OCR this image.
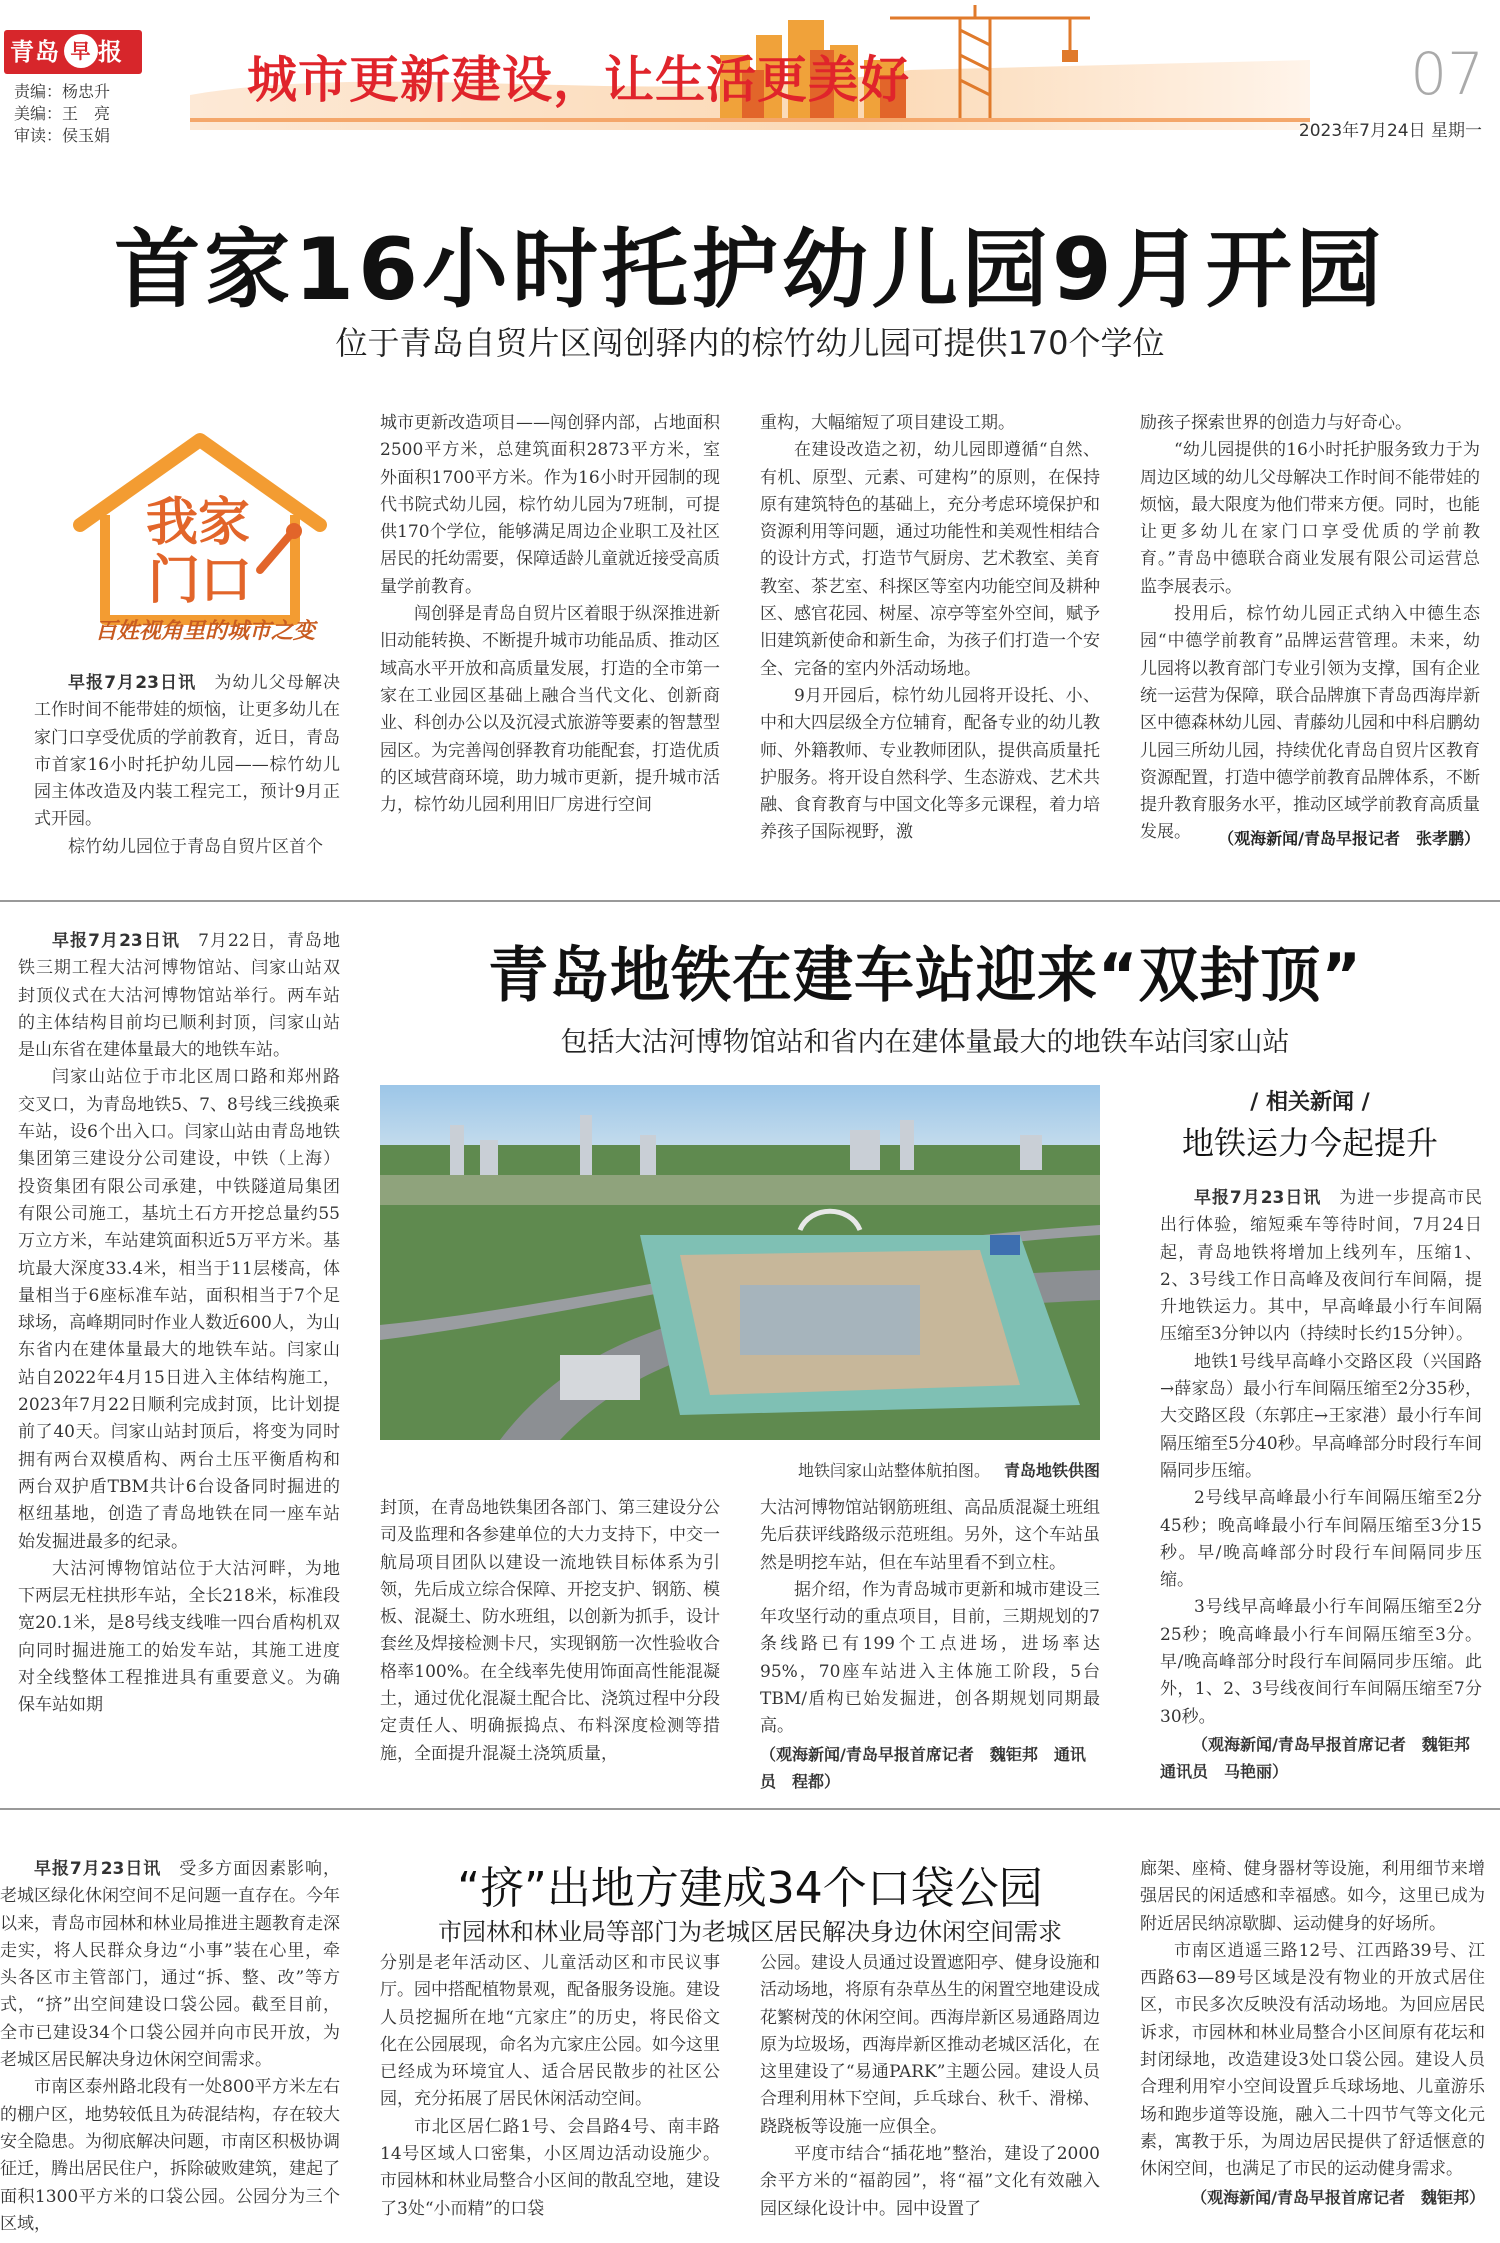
青岛 早 报
责编：杨忠升
美编：王　亮
审读：侯玉娟
城市更新建设，让生活更美好	07
2023年7月24日 星期一
首家16小时托护幼儿园9月开园
位于青岛自贸片区闯创驿内的棕竹幼儿园可提供170个学位
我家
门口
百姓视角里的城市之变

早报7月23日讯　 为幼儿父母解决工作时间不能带娃的烦恼，让更多幼儿在家门口享受优质的学前教育，近日，青岛市首家16小时托护幼儿园——棕竹幼儿园主体改造及内装工程完工，预计9月正式开园。

棕竹幼儿园位于青岛自贸片区首个

城市更新改造项目——闯创驿内部，占地面积2500平方米，总建筑面积2873平方米，室外面积1700平方米。作为16小时开园制的现代书院式幼儿园，棕竹幼儿园为7班制，可提供170个学位，能够满足周边企业职工及社区居民的托幼需要，保障适龄儿童就近接受高质量学前教育。

闯创驿是青岛自贸片区着眼于纵深推进新旧动能转换、不断提升城市功能品质、推动区域高水平开放和高质量发展，打造的全市第一家在工业园区基础上融合当代文化、创新商业、科创办公以及沉浸式旅游等要素的智慧型园区。为完善闯创驿教育功能配套，打造优质的区域营商环境，助力城市更新，提升城市活力，棕竹幼儿园利用旧厂房进行空间

重构，大幅缩短了项目建设工期。

在建设改造之初，幼儿园即遵循“自然、有机、原型、元素、可建构”的原则，在保持原有建筑特色的基础上，充分考虑环境保护和资源利用等问题，通过功能性和美观性相结合的设计方式，打造节气厨房、艺术教室、美育教室、茶艺室、科探区等室内功能空间及耕种区、感官花园、树屋、凉亭等室外空间，赋予旧建筑新使命和新生命，为孩子们打造一个安全、完备的室内外活动场地。

9月开园后，棕竹幼儿园将开设托、小、中和大四层级全方位辅育，配备专业的幼儿教师、外籍教师、专业教师团队，提供高质量托护服务。将开设自然科学、生态游戏、艺术共融、食育教育与中国文化等多元课程，着力培养孩子国际视野，激

励孩子探索世界的创造力与好奇心。

“幼儿园提供的16小时托护服务致力于为周边区域的幼儿父母解决工作时间不能带娃的烦恼，最大限度为他们带来方便。同时，也能让更多幼儿在家门口享受优质的学前教育。”青岛中德联合商业发展有限公司运营总监李展表示。

投用后，棕竹幼儿园正式纳入中德生态园“中德学前教育”品牌运营管理。未来，幼儿园将以教育部门专业引领为支撑，国有企业统一运营为保障，联合品牌旗下青岛西海岸新区中德森林幼儿园、青藤幼儿园和中科启鹏幼儿园三所幼儿园，持续优化青岛自贸片区教育资源配置，打造中德学前教育品牌体系，不断提升教育服务水平，推动区域学前教育高质量发展。	（观海新闻/青岛早报记者　张孝鹏）
青岛地铁在建车站迎来“双封顶”
包括大沽河博物馆站和省内在建体量最大的地铁车站闫家山站

早报7月23日讯　 7月22日，青岛地铁三期工程大沽河博物馆站、闫家山站双封顶仪式在大沽河博物馆站举行。两车站的主体结构目前均已顺利封顶，闫家山站是山东省在建体量最大的地铁车站。

闫家山站位于市北区周口路和郑州路交叉口，为青岛地铁5、7、8号线三线换乘车站，设6个出入口。闫家山站由青岛地铁集团第三建设分公司建设，中铁（上海）投资集团有限公司承建，中铁隧道局集团有限公司施工，基坑土石方开挖总量约55万立方米，车站建筑面积近5万平方米。基坑最大深度33.4米，相当于11层楼高，体量相当于6座标准车站，面积相当于7个足球场，高峰期同时作业人数近600人，为山东省内在建体量最大的地铁车站。闫家山站自2022年4月15日进入主体结构施工，2023年7月22日顺利完成封顶，比计划提前了40天。闫家山站封顶后，将变为同时拥有两台双模盾构、两台土压平衡盾构和两台双护盾TBM共计6台设备同时掘进的枢纽基地，创造了青岛地铁在同一座车站始发掘进最多的纪录。

大沽河博物馆站位于大沽河畔，为地下两层无柱拱形车站，全长218米，标准段宽20.1米，是8号线支线唯一四台盾构机双向同时掘进施工的始发车站，其施工进度对全线整体工程推进具有重要意义。为确保车站如期

地铁闫家山站整体航拍图。 青岛地铁供图

封顶，在青岛地铁集团各部门、第三建设分公司及监理和各参建单位的大力支持下，中交一航局项目团队以建设一流地铁目标体系为引领，先后成立综合保障、开挖支护、钢筋、模板、混凝土、防水班组，以创新为抓手，设计套丝及焊接检测卡尺，实现钢筋一次性验收合格率100%。在全线率先使用饰面高性能混凝土，通过优化混凝土配合比、浇筑过程中分段定责任人、明确振捣点、布料深度检测等措施，全面提升混凝土浇筑质量，

大沽河博物馆站钢筋班组、高品质混凝土班组先后获评线路级示范班组。另外，这个车站虽然是明挖车站，但在车站里看不到立柱。

据介绍，作为青岛城市更新和城市建设三年攻坚行动的重点项目，目前，三期规划的7条线路已有199个工点进场，进场率达95%，70座车站进入主体施工阶段，5台TBM/盾构已始发掘进，创各期规划同期最高。

（观海新闻/青岛早报首席记者　魏钜邦　通讯员　程都）

/ 相关新闻 /
地铁运力今起提升

早报7月23日讯　 为进一步提高市民出行体验，缩短乘车等待时间，7月24日起，青岛地铁将增加上线列车，压缩1、2、3号线工作日高峰及夜间行车间隔，提升地铁运力。其中，早高峰最小行车间隔压缩至3分钟以内（持续时长约15分钟）。

地铁1号线早高峰小交路区段（兴国路→薛家岛）最小行车间隔压缩至2分35秒，大交路区段（东郭庄→王家港）最小行车间隔压缩至5分40秒。早高峰部分时段行车间隔同步压缩。

2号线早高峰最小行车间隔压缩至2分45秒；晚高峰最小行车间隔压缩至3分15秒。早/晚高峰部分时段行车间隔同步压缩。

3号线早高峰最小行车间隔压缩至2分25秒；晚高峰最小行车间隔压缩至3分。早/晚高峰部分时段行车间隔同步压缩。此外，1、2、3号线夜间行车间隔压缩至7分30秒。

（观海新闻/青岛早报首席记者　魏钜邦　通讯员　马艳丽）

“挤”出地方建成34个口袋公园
市园林和林业局等部门为老城区居民解决身边休闲空间需求

早报7月23日讯　 受多方面因素影响，老城区绿化休闲空间不足问题一直存在。今年以来，青岛市园林和林业局推进主题教育走深走实，将人民群众身边“小事”装在心里，牵头各区市主管部门，通过“拆、整、改”等方式，“挤”出空间建设口袋公园。截至目前，全市已建设34个口袋公园并向市民开放，为老城区居民解决身边休闲空间需求。

市南区泰州路北段有一处800平方米左右的棚户区，地势较低且为砖混结构，存在较大安全隐患。为彻底解决问题，市南区积极协调征迁，腾出居民住户，拆除破败建筑，建起了面积1300平方米的口袋公园。公园分为三个区域，

分别是老年活动区、儿童活动区和市民议事厅。园中搭配植物景观，配备服务设施。建设人员挖掘所在地“亢家庄”的历史，将民俗文化在公园展现，命名为亢家庄公园。如今这里已经成为环境宜人、适合居民散步的社区公园，充分拓展了居民休闲活动空间。

市北区居仁路1号、会昌路4号、南丰路14号区域人口密集，小区周边活动设施少。市园林和林业局整合小区间的散乱空地，建设了3处“小而精”的口袋

公园。建设人员通过设置遮阳亭、健身设施和活动场地，将原有杂草丛生的闲置空地建设成花繁树茂的休闲空间。西海岸新区易通路周边原为垃圾场，西海岸新区推动老城区活化，在这里建设了“易通PARK”主题公园。建设人员合理利用林下空间，乒乓球台、秋千、滑梯、跷跷板等设施一应俱全。

平度市结合“插花地”整治，建设了2000余平方米的“福韵园”，将“福”文化有效融入园区绿化设计中。园中设置了

廊架、座椅、健身器材等设施，利用细节来增强居民的闲适感和幸福感。如今，这里已成为附近居民纳凉歇脚、运动健身的好场所。

市南区逍遥三路12号、江西路39号、江西路63—89号区域是没有物业的开放式居住区，市民多次反映没有活动场地。为回应居民诉求，市园林和林业局整合小区间原有花坛和封闭绿地，改造建设3处口袋公园。建设人员合理利用窄小空间设置乒乓球场地、儿童游乐场和跑步道等设施，融入二十四节气等文化元素，寓教于乐，为周边居民提供了舒适惬意的休闲空间，也满足了市民的运动健身需求。

（观海新闻/青岛早报首席记者　魏钜邦）
